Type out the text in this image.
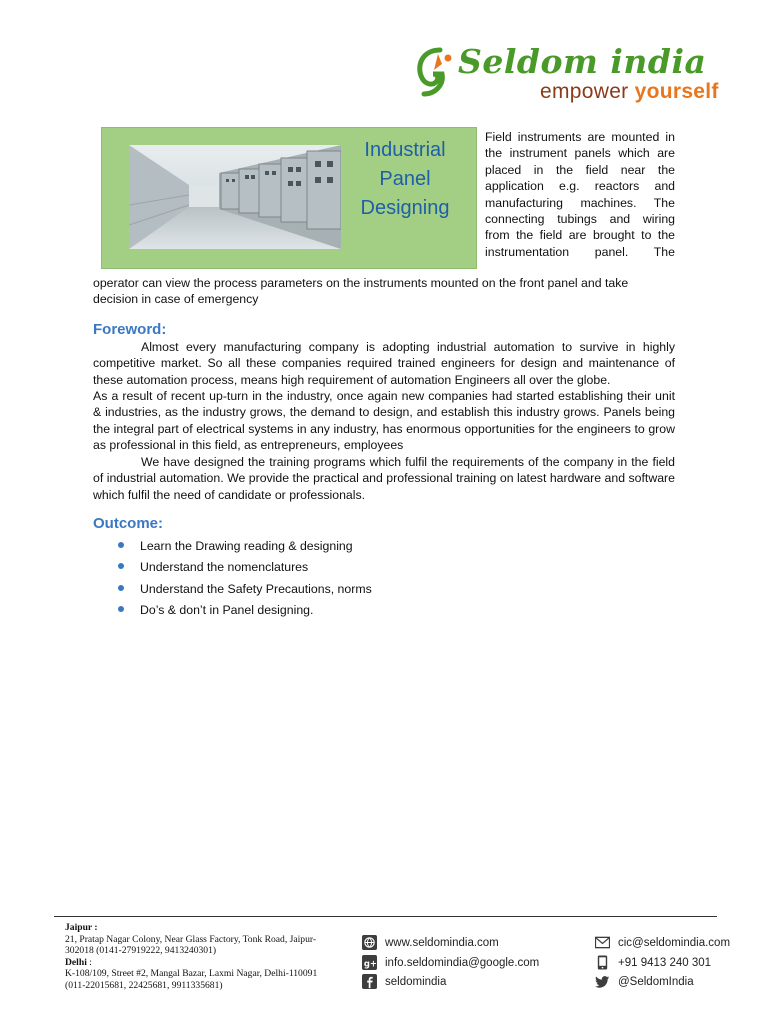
Seldom india
empower yourself
Industrial
Panel
Designing

Field instruments are mounted in the instrument panels which are placed in the field near the application e.g. reactors and manufacturing machines. The connecting tubings and wiring from the field are brought to the instrumentation panel. The

operator can view the process parameters on the instruments mounted on the front panel and take decision in case of emergency

Foreword:

Almost every manufacturing company is adopting industrial automation to survive in highly competitive market. So all these companies required trained engineers for design and maintenance of these automation process, means high requirement of automation Engineers all over the globe.

As a result of recent up-turn in the industry, once again new companies had started establishing their unit & industries, as the industry grows, the demand to design, and establish this industry grows. Panels being the integral part of electrical systems in any industry, has enormous opportunities for the engineers to grow as professional in this field, as entrepreneurs, employees

We have designed the training programs which fulfil the requirements of the company in the field of industrial automation. We provide the practical and professional training on latest hardware and software which fulfil the need of candidate or professionals.

Outcome:
Learn the Drawing reading & designing
Understand the nomenclatures
Understand the Safety Precautions, norms
Do’s & don’t in Panel designing.
Jaipur :
21, Pratap Nagar Colony, Near Glass Factory, Tonk Road, Jaipur-
302018 (0141-27919222, 9413240301)
Delhi :
K-108/109, Street #2, Mangal Bazar, Laxmi Nagar, Delhi-110091
(011-22015681, 22425681, 9911335681)
www.seldomindia.com
g+ info.seldomindia@google.com
seldomindia
cic@seldomindia.com
+91 9413 240 301
@SeldomIndia
